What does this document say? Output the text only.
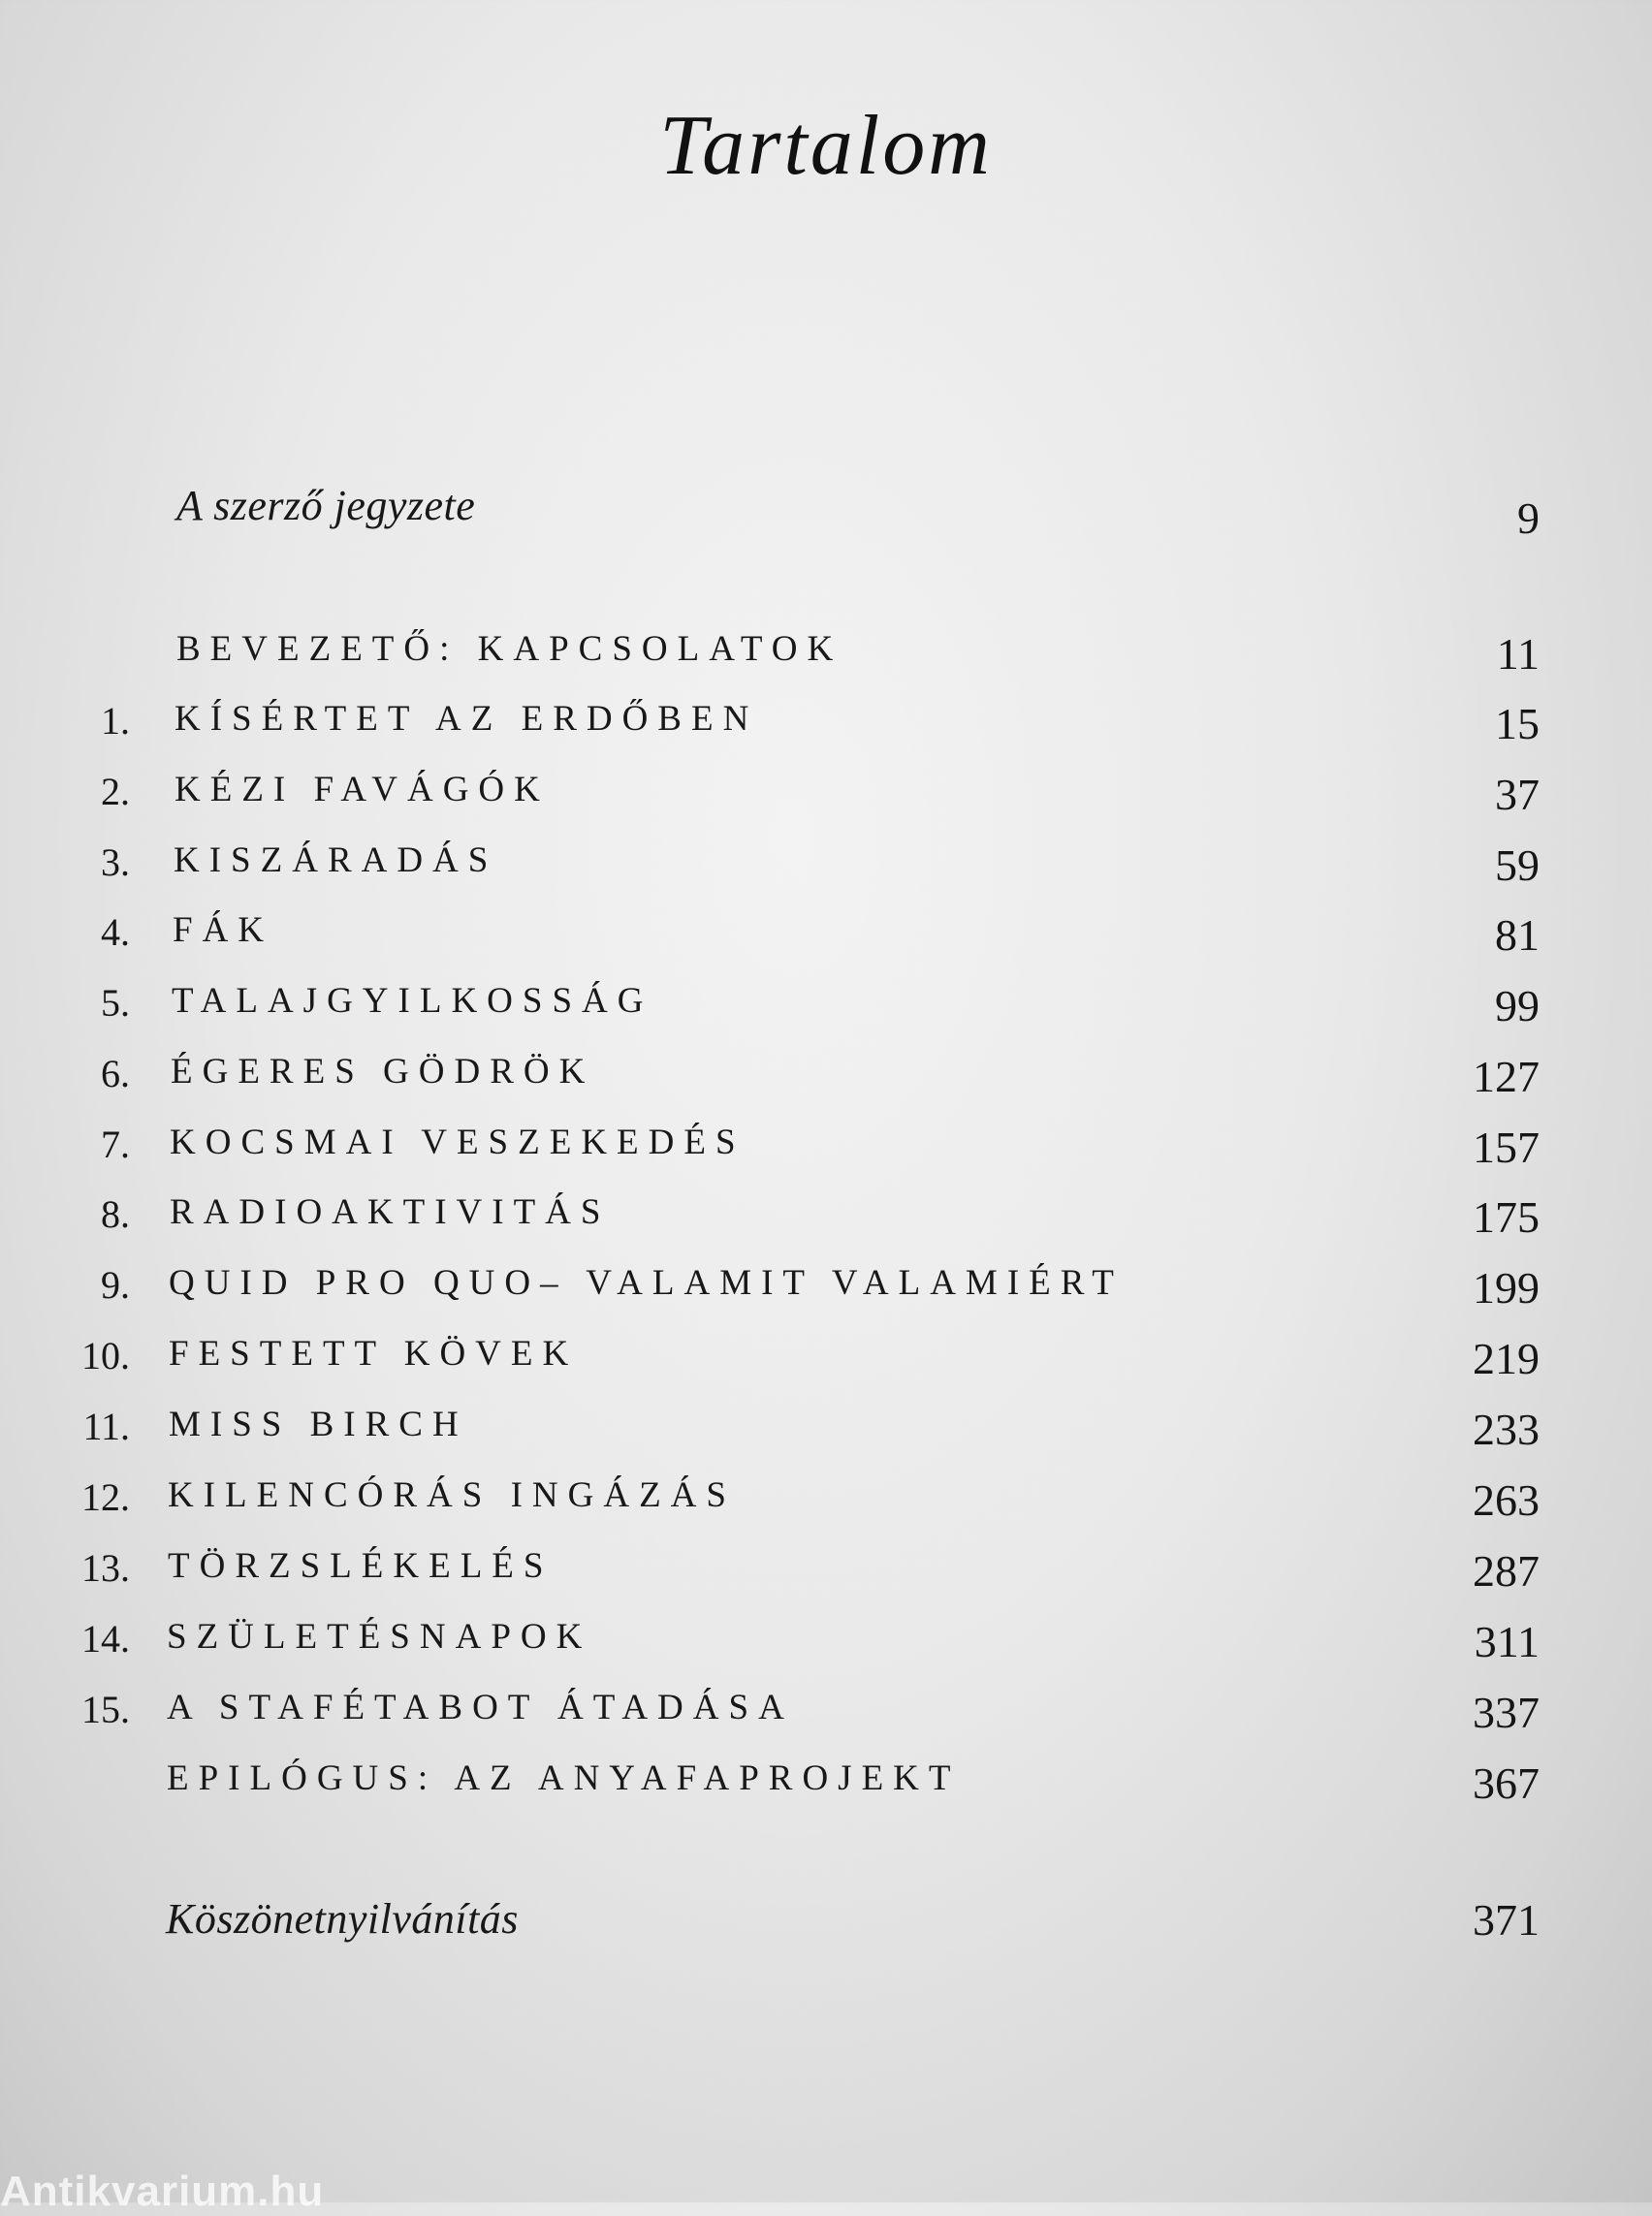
Tartalom
A szerző jegyzete	9
BEVEZETŐ: KAPCSOLATOK	11
1. KÍSÉRTET AZ ERDŐBEN	15
2. KÉZI FAVÁGÓK	37
3. KISZÁRADÁS	59
4. FÁK	81
5. TALAJGYILKOSSÁG	99
6. ÉGERES GÖDRÖK	127
7. KOCSMAI VESZEKEDÉS	157
8. RADIOAKTIVITÁS	175
9. QUID PRO QUO– VALAMIT VALAMIÉRT	199
10. FESTETT KÖVEK	219
11. MISS BIRCH	233
12. KILENCÓRÁS INGÁZÁS	263
13. TÖRZSLÉKELÉS	287
14. SZÜLETÉSNAPOK	311
15. A STAFÉTABOT ÁTADÁSA	337
EPILÓGUS: AZ ANYAFAPROJEKT	367
Köszönetnyilvánítás	371
Antikvarium.hu
